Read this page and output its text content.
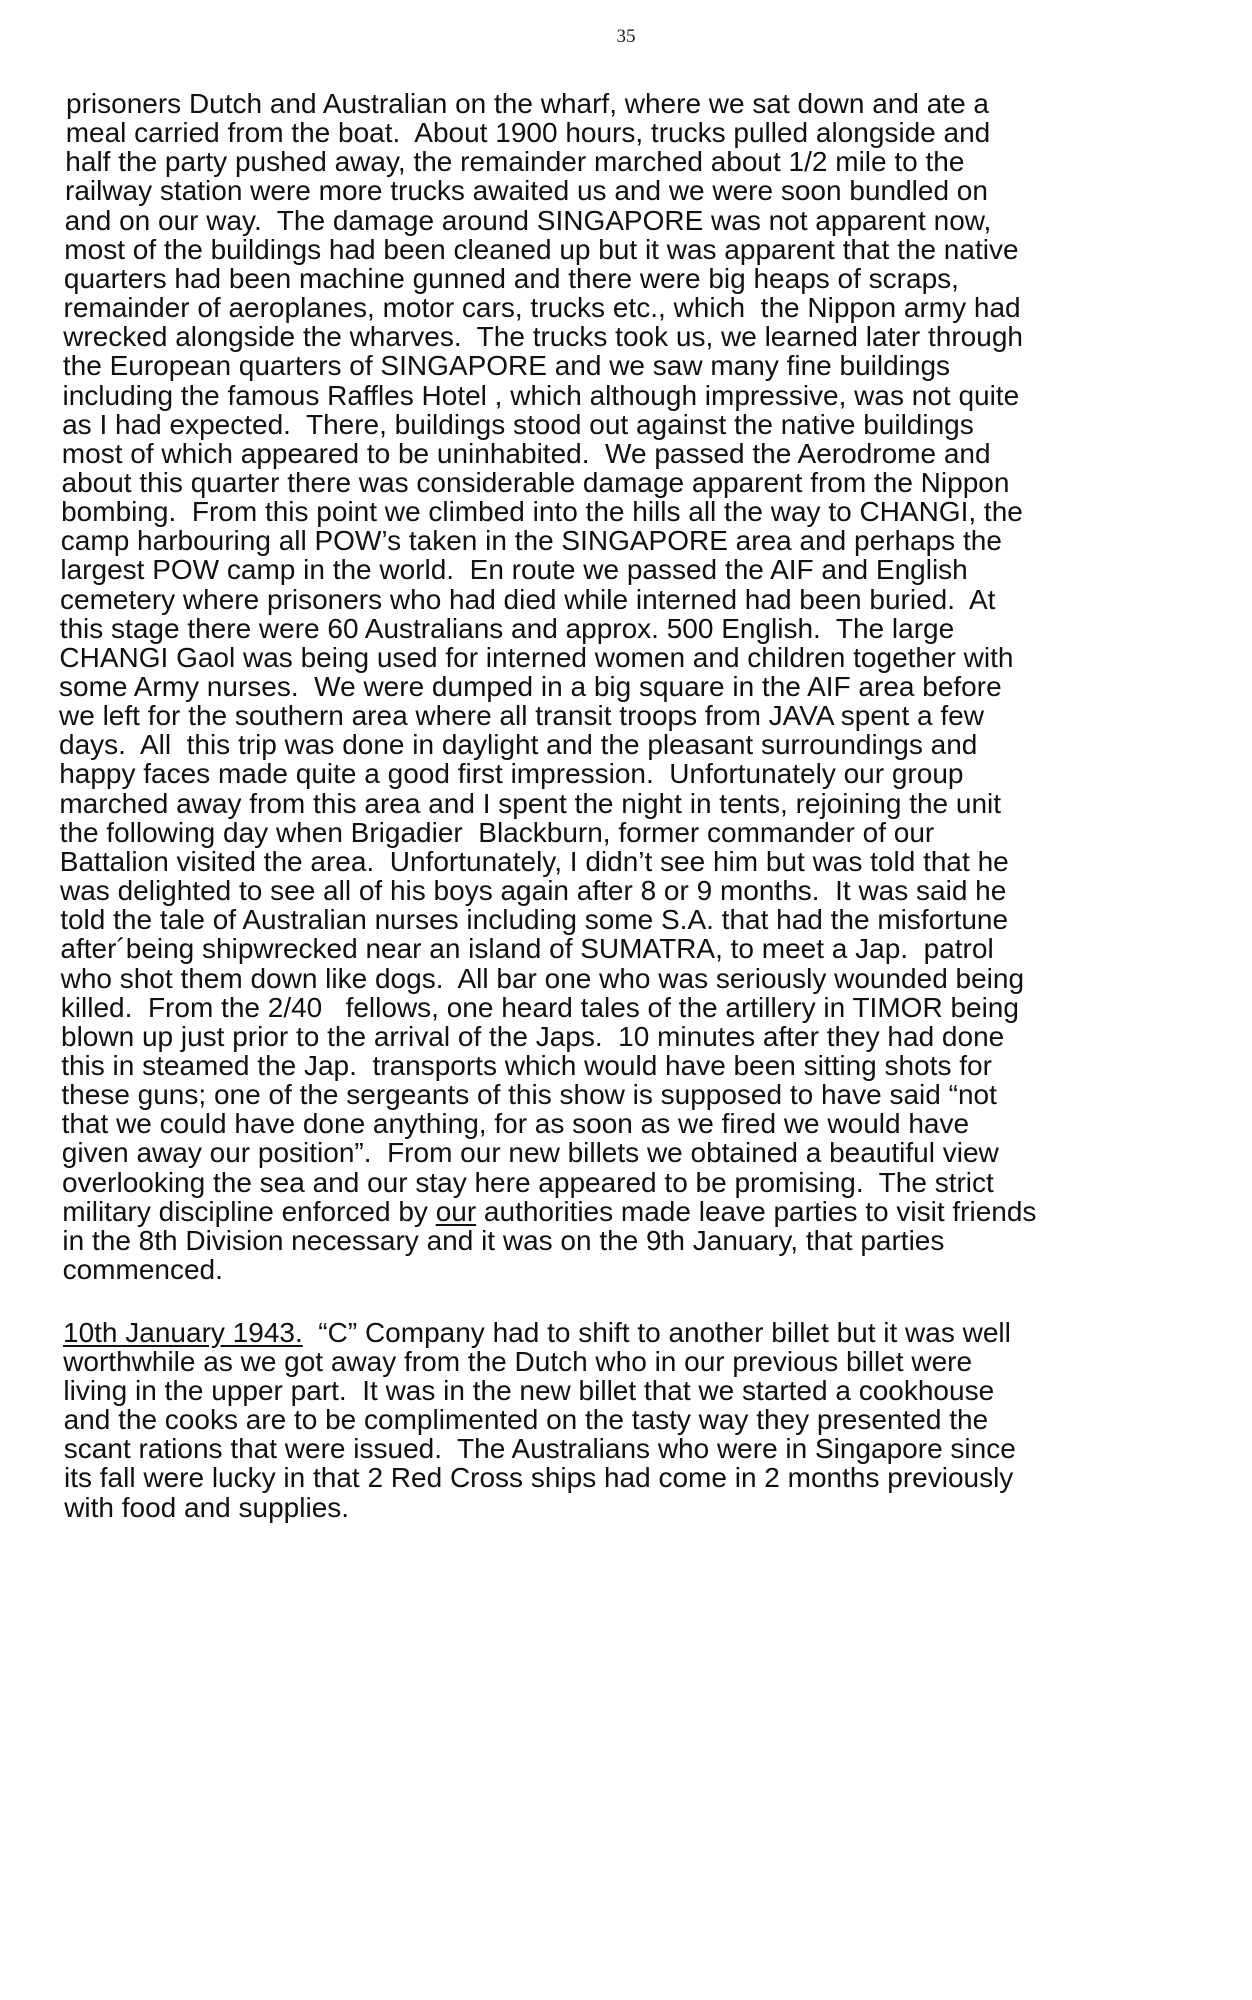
35
prisoners Dutch and Australian on the wharf, where we sat down and ate a
meal carried from the boat.  About 1900 hours, trucks pulled alongside and
half the party pushed away, the remainder marched about 1/2 mile to the
railway station were more trucks awaited us and we were soon bundled on
and on our way.  The damage around SINGAPORE was not apparent now,
most of the buildings had been cleaned up but it was apparent that the native
quarters had been machine gunned and there were big heaps of scraps,
remainder of aeroplanes, motor cars, trucks etc., which  the Nippon army had
wrecked alongside the wharves.  The trucks took us, we learned later through
the European quarters of SINGAPORE and we saw many fine buildings
including the famous Raffles Hotel , which although impressive, was not quite
as I had expected.  There, buildings stood out against the native buildings
most of which appeared to be uninhabited.  We passed the Aerodrome and
about this quarter there was considerable damage apparent from the Nippon
bombing.  From this point we climbed into the hills all the way to CHANGI, the
camp harbouring all POW’s taken in the SINGAPORE area and perhaps the
largest POW camp in the world.  En route we passed the AIF and English
cemetery where prisoners who had died while interned had been buried.  At
this stage there were 60 Australians and approx. 500 English.  The large
CHANGI Gaol was being used for interned women and children together with
some Army nurses.  We were dumped in a big square in the AIF area before
we left for the southern area where all transit troops from JAVA spent a few
days.  All  this trip was done in daylight and the pleasant surroundings and
happy faces made quite a good first impression.  Unfortunately our group
marched away from this area and I spent the night in tents, rejoining the unit
the following day when Brigadier  Blackburn, former commander of our
Battalion visited the area.  Unfortunately, I didn’t see him but was told that he
was delighted to see all of his boys again after 8 or 9 months.  It was said he
told the tale of Australian nurses including some S.A. that had the misfortune
after´being shipwrecked near an island of SUMATRA, to meet a Jap.  patrol
who shot them down like dogs.  All bar one who was seriously wounded being
killed.  From the 2/40   fellows, one heard tales of the artillery in TIMOR being
blown up just prior to the arrival of the Japs.  10 minutes after they had done
this in steamed the Jap.  transports which would have been sitting shots for
these guns; one of the sergeants of this show is supposed to have said “not
that we could have done anything, for as soon as we fired we would have
given away our position”.  From our new billets we obtained a beautiful view
overlooking the sea and our stay here appeared to be promising.  The strict
military discipline enforced by our authorities made leave parties to visit friends
in the 8th Division necessary and it was on the 9th January, that parties
commenced.
10th January 1943.  “C” Company had to shift to another billet but it was well
worthwhile as we got away from the Dutch who in our previous billet were
living in the upper part.  It was in the new billet that we started a cookhouse
and the cooks are to be complimented on the tasty way they presented the
scant rations that were issued.  The Australians who were in Singapore since
its fall were lucky in that 2 Red Cross ships had come in 2 months previously
with food and supplies.
